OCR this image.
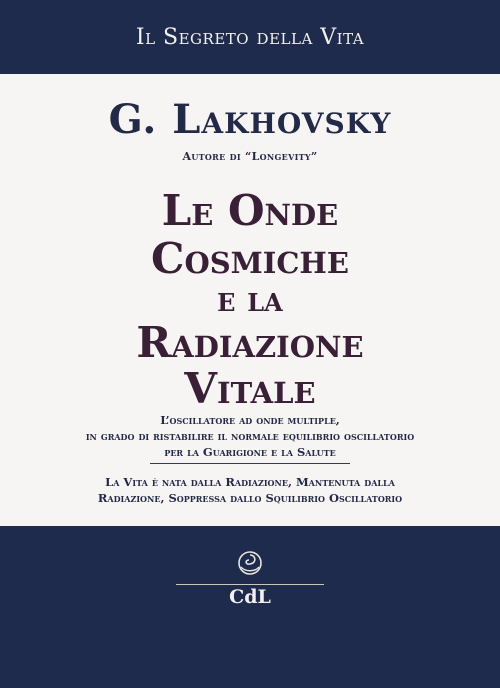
Il Segreto della Vita
G. Lakhovsky
Autore di “Longevity”
Le Onde
Cosmiche
e la
Radiazione
Vitale
L’oscillatore ad onde multiple,
in grado di ristabilire il normale equilibrio oscillatorio
per la Guarigione e la Salute
La Vita è nata dalla Radiazione, Mantenuta dalla
Radiazione, Soppressa dallo Squilibrio Oscillatorio
CdL
